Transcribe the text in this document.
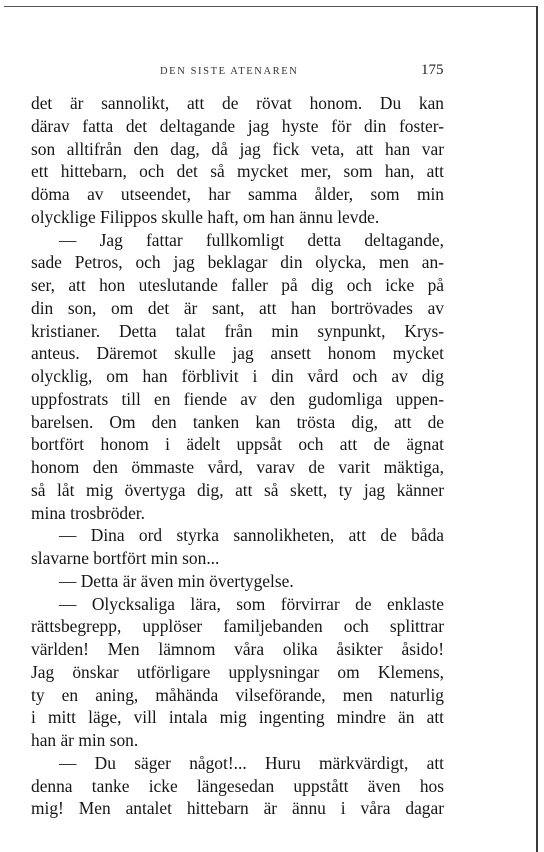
DEN SISTE ATENAREN	175
det är sannolikt, att de rövat honom. Du kan
därav fatta det deltagande jag hyste för din foster-
son alltifrån den dag, då jag fick veta, att han var
ett hittebarn, och det så mycket mer, som han, att
döma av utseendet, har samma ålder, som min
olycklige Filippos skulle haft, om han ännu levde.
— Jag fattar fullkomligt detta deltagande,
sade Petros, och jag beklagar din olycka, men an-
ser, att hon uteslutande faller på dig och icke på
din son, om det är sant, att han bortrövades av
kristianer. Detta talat från min synpunkt, Krys-
anteus. Däremot skulle jag ansett honom mycket
olycklig, om han förblivit i din vård och av dig
uppfostrats till en fiende av den gudomliga uppen-
barelsen. Om den tanken kan trösta dig, att de
bortfört honom i ädelt uppsåt och att de ägnat
honom den ömmaste vård, varav de varit mäktiga,
så låt mig övertyga dig, att så skett, ty jag känner
mina trosbröder.
— Dina ord styrka sannolikheten, att de båda
slavarne bortfört min son...
— Detta är även min övertygelse.
— Olycksaliga lära, som förvirrar de enklaste
rättsbegrepp, upplöser familjebanden och splittrar
världen! Men lämnom våra olika åsikter åsido!
Jag önskar utförligare upplysningar om Klemens,
ty en aning, måhända vilseförande, men naturlig
i mitt läge, vill intala mig ingenting mindre än att
han är min son.
— Du säger något!... Huru märkvärdigt, att
denna tanke icke längesedan uppstått även hos
mig! Men antalet hittebarn är ännu i våra dagar
